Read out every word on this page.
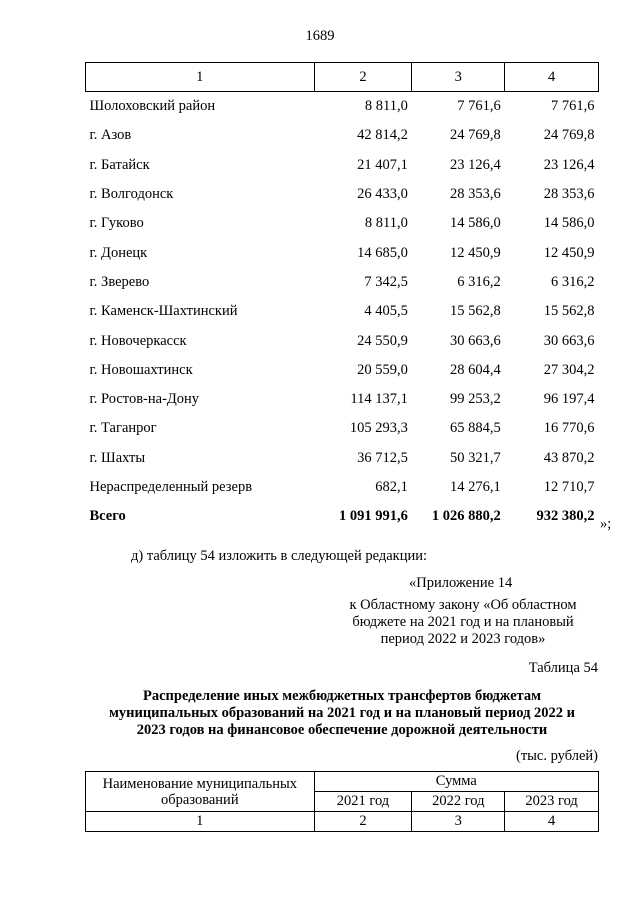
1689
1	2	3	4
Шолоховский район	8 811,0	7 761,6	7 761,6
г. Азов	42 814,2	24 769,8	24 769,8
г. Батайск	21 407,1	23 126,4	23 126,4
г. Волгодонск	26 433,0	28 353,6	28 353,6
г. Гуково	8 811,0	14 586,0	14 586,0
г. Донецк	14 685,0	12 450,9	12 450,9
г. Зверево	7 342,5	6 316,2	6 316,2
г. Каменск-Шахтинский	4 405,5	15 562,8	15 562,8
г. Новочеркасск	24 550,9	30 663,6	30 663,6
г. Новошахтинск	20 559,0	28 604,4	27 304,2
г. Ростов-на-Дону	114 137,1	99 253,2	96 197,4
г. Таганрог	105 293,3	65 884,5	16 770,6
г. Шахты	36 712,5	50 321,7	43 870,2
Нераспределенный резерв	682,1	14 276,1	12 710,7
Всего	1 091 991,6	1 026 880,2	932 380,2 »;
д) таблицу 54 изложить в следующей редакции:
«Приложение 14
к Областному закону «Об областном
бюджете на 2021 год и на плановый
период 2022 и 2023 годов»
Таблица 54
Распределение иных межбюджетных трансфертов бюджетам
муниципальных образований на 2021 год и на плановый период 2022 и
2023 годов на финансовое обеспечение дорожной деятельности
(тыс. рублей)
Наименование муниципальных
образований	Сумма		
	2021 год	2022 год	2023 год
1	2	3	4
